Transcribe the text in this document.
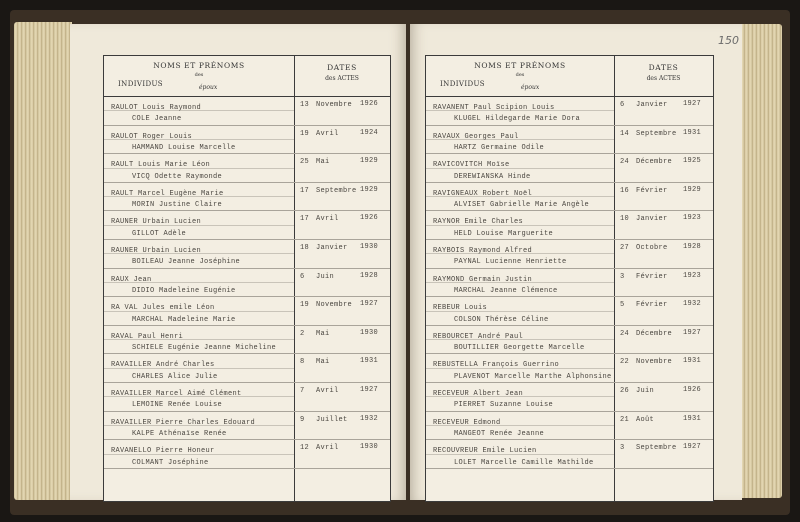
150
NOMS ET PRÉNOMS
des
INDIVIDUS	époux
DATES
des ACTES
RAULOT Louis Raymond
COLE Jeanne
13 Novembre 1926
RAULOT Roger Louis
HAMMAND Louise Marcelle
19 Avril	1924
RAULT Louis Marie Léon
VICQ Odette Raymonde
25 Mai	1929
RAULT Marcel Eugène Marie
MORIN Justine Claire
17 Septembre 1929
RAUNER Urbain Lucien
GILLOT Adèle
17 Avril	1926
RAUNER Urbain Lucien
BOILEAU Jeanne Joséphine
18 Janvier 1930
RAUX Jean
DIDIO Madeleine Eugénie
6 Juin	1928
RA VAL Jules emile Léon
MARCHAL Madeleine Marie
19 Novembre 1927
RAVAL Paul Henri
SCHIELE Eugénie Jeanne Micheline
2 Mai	1930
RAVAILLER André Charles
CHARLES Alice Julie
8 Mai	1931
RAVAILLER Marcel Aimé Clément
LEMOINE Renée Louise
7 Avril	1927
RAVAILLER Pierre Charles Edouard
KALPE Athénaïse Renée
9 Juillet 1932
RAVANELLO Pierre Honeur
COLMANT Joséphine
12 Avril	1930
NOMS ET PRÉNOMS
des
INDIVIDUS	époux
DATES
des ACTES
RAVANENT Paul Scipion Louis
KLUGEL Hildegarde Marie Dora
6 Janvier 1927
RAVAUX Georges Paul
HARTZ Germaine Odile
14 Septembre 1931
RAVICOVITCH Moïse
DEREWIANSKA Hinde
24 Décembre 1925
RAVIGNEAUX Robert Noël
ALVISET Gabrielle Marie Angèle
16 Février 1929
RAYNOR Emile Charles
HELD Louise Marguerite
10 Janvier 1923
RAYBOIS Raymond Alfred
PAYNAL Lucienne Henriette
27 Octobre 1928
RAYMOND Germain Justin
MARCHAL Jeanne Clémence
3 Février 1923
REBEUR Louis
COLSON Thérèse Céline
5 Février 1932
REBOURCET André Paul
BOUTILLIER Georgette Marcelle
24 Décembre 1927
REBUSTELLA François Guerrino
PLAVENOT Marcelle Marthe Alphonsine
22 Novembre 1931
RECEVEUR Albert Jean
PIERRET Suzanne Louise
26 Juin	1926
RECEVEUR Edmond
MANGEOT Renée Jeanne
21 Août	1931
RECOUVREUR Emile Lucien
LOLET Marcelle Camille Mathilde
3 Septembre 1927
